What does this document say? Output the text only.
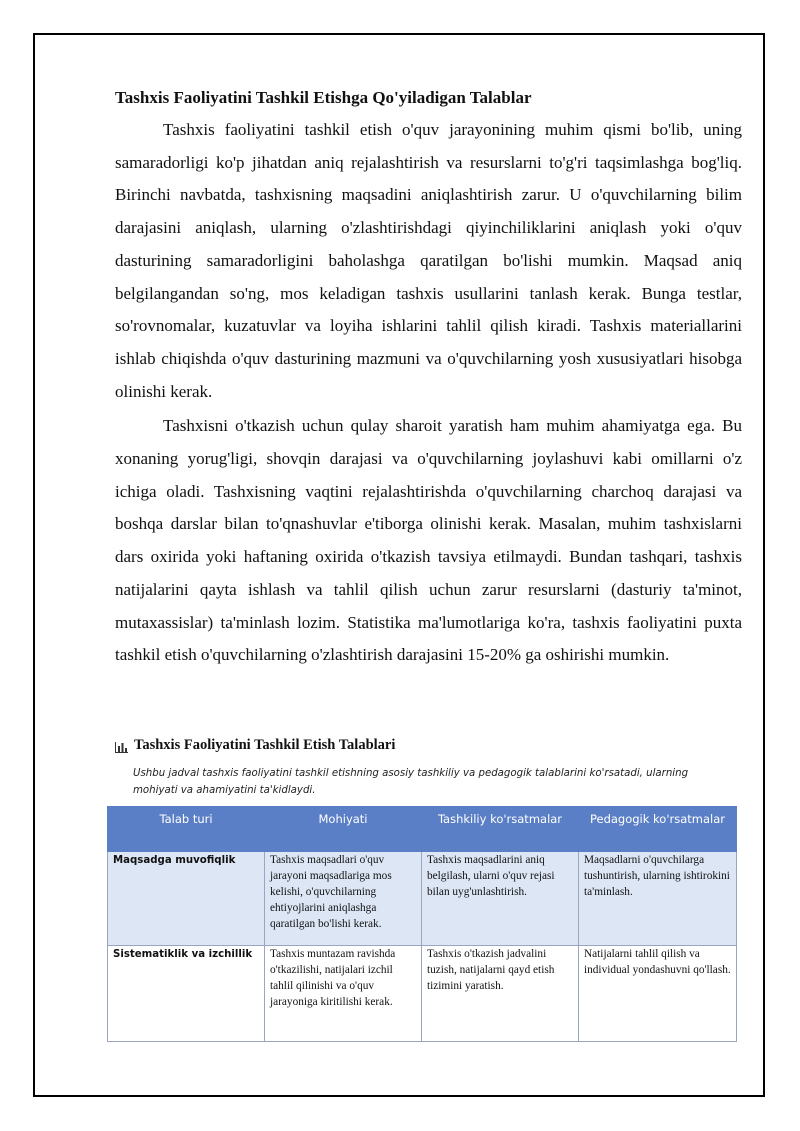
Tashxis Faoliyatini Tashkil Etishga Qo'yiladigan Talablar

Tashxis faoliyatini tashkil etish o'quv jarayonining muhim qismi bo'lib, uning samaradorligi ko'p jihatdan aniq rejalashtirish va resurslarni to'g'ri taqsimlashga bog'liq. Birinchi navbatda, tashxisning maqsadini aniqlashtirish zarur. U o'quvchilarning bilim darajasini aniqlash, ularning o'zlashtirishdagi qiyinchiliklarini aniqlash yoki o'quv dasturining samaradorligini baholashga qaratilgan bo'lishi mumkin. Maqsad aniq belgilangandan so'ng, mos keladigan tashxis usullarini tanlash kerak. Bunga testlar, so'rovnomalar, kuzatuvlar va loyiha ishlarini tahlil qilish kiradi. Tashxis materiallarini ishlab chiqishda o'quv dasturining mazmuni va o'quvchilarning yosh xususiyatlari hisobga olinishi kerak.

Tashxisni o'tkazish uchun qulay sharoit yaratish ham muhim ahamiyatga ega. Bu xonaning yorug'ligi, shovqin darajasi va o'quvchilarning joylashuvi kabi omillarni o'z ichiga oladi. Tashxisning vaqtini rejalashtirishda o'quvchilarning charchoq darajasi va boshqa darslar bilan to'qnashuvlar e'tiborga olinishi kerak. Masalan, muhim tashxislarni dars oxirida yoki haftaning oxirida o'tkazish tavsiya etilmaydi. Bundan tashqari, tashxis natijalarini qayta ishlash va tahlil qilish uchun zarur resurslarni (dasturiy ta'minot, mutaxassislar) ta'minlash lozim. Statistika ma'lumotlariga ko'ra, tashxis faoliyatini puxta tashkil etish o'quvchilarning o'zlashtirish darajasini 15-20% ga oshirishi mumkin.

Tashxis Faoliyatini Tashkil Etish Talablari
Ushbu jadval tashxis faoliyatini tashkil etishning asosiy tashkiliy va pedagogik talablarini ko'rsatadi, ularning mohiyati va ahamiyatini ta'kidlaydi.
Talab turi	Mohiyati	Tashkiliy ko'rsatmalar	Pedagogik ko'rsatmalar
Maqsadga muvofiqlik	Tashxis maqsadlari o'quv jarayoni maqsadlariga mos kelishi, o'quvchilarning ehtiyojlarini aniqlashga qaratilgan bo'lishi kerak.	Tashxis maqsadlarini aniq belgilash, ularni o'quv rejasi bilan uyg'unlashtirish.	Maqsadlarni o'quvchilarga tushuntirish, ularning ishtirokini ta'minlash.
Sistematiklik va izchillik	Tashxis muntazam ravishda o'tkazilishi, natijalari izchil tahlil qilinishi va o'quv jarayoniga kiritilishi kerak.	Tashxis o'tkazish jadvalini tuzish, natijalarni qayd etish tizimini yaratish.	Natijalarni tahlil qilish va individual yondashuvni qo'llash.
